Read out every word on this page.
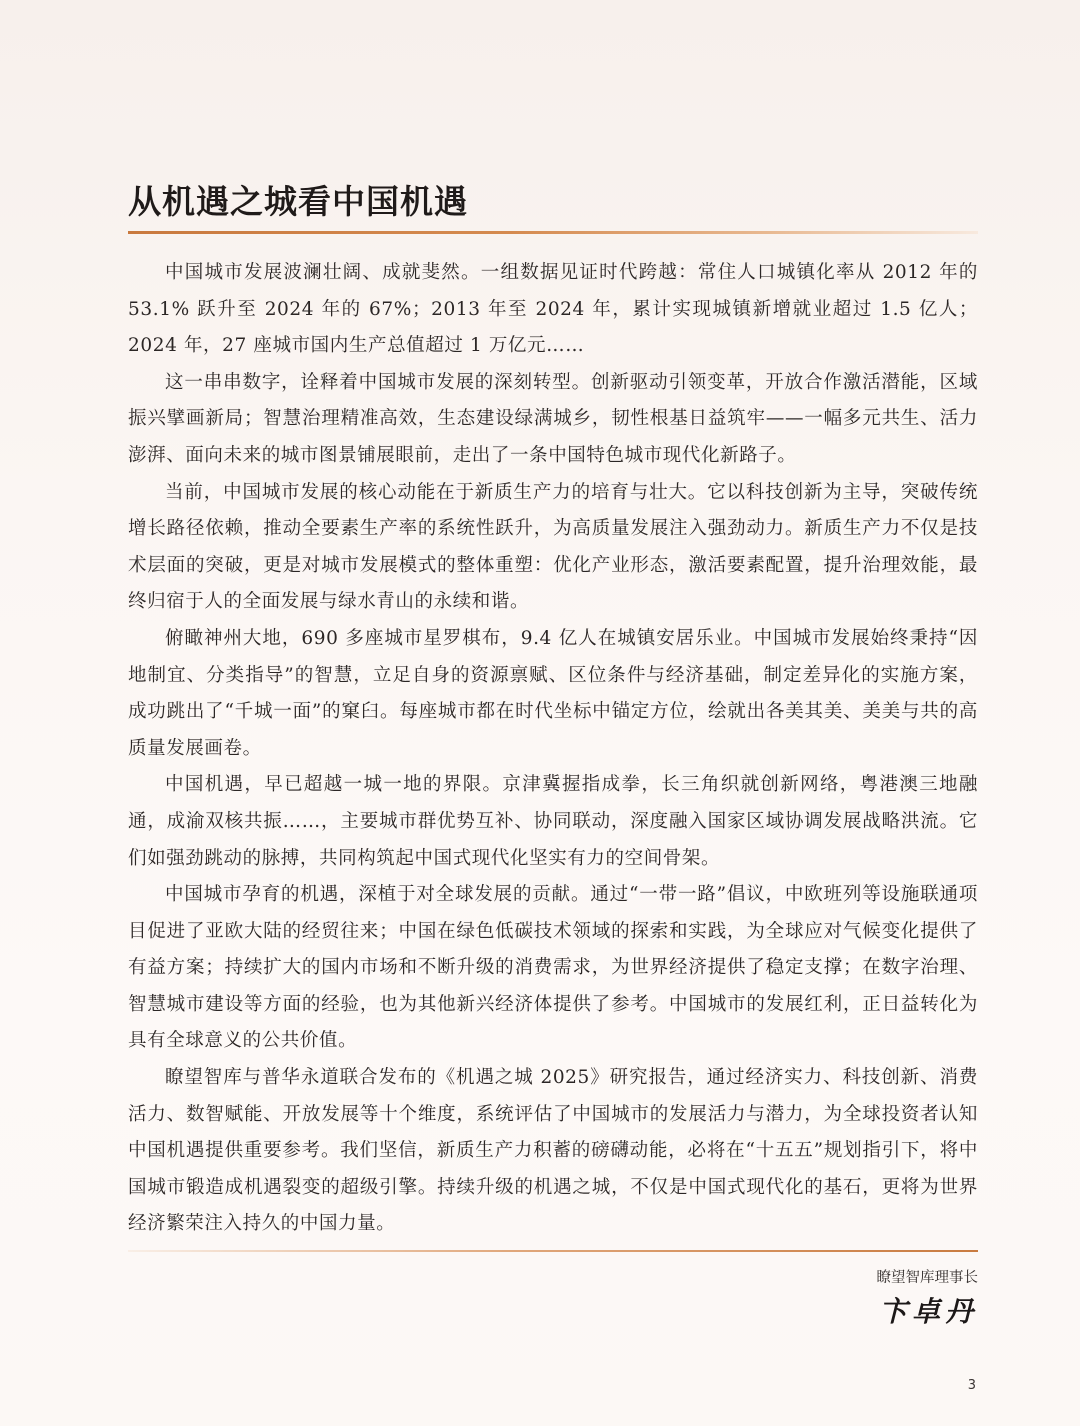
从机遇之城看中国机遇

中国城市发展波澜壮阔、成就斐然。一组数据见证时代跨越：常住人口城镇化率从 2012 年的 53.1% 跃升至 2024 年的 67%；2013 年至 2024 年，累计实现城镇新增就业超过 1.5 亿人；2024 年，27 座城市国内生产总值超过 1 万亿元……

这一串串数字，诠释着中国城市发展的深刻转型。创新驱动引领变革，开放合作激活潜能，区域振兴擘画新局；智慧治理精准高效，生态建设绿满城乡，韧性根基日益筑牢——一幅多元共生、活力澎湃、面向未来的城市图景铺展眼前，走出了一条中国特色城市现代化新路子。

当前，中国城市发展的核心动能在于新质生产力的培育与壮大。它以科技创新为主导，突破传统增长路径依赖，推动全要素生产率的系统性跃升，为高质量发展注入强劲动力。新质生产力不仅是技术层面的突破，更是对城市发展模式的整体重塑：优化产业形态，激活要素配置，提升治理效能，最终归宿于人的全面发展与绿水青山的永续和谐。

俯瞰神州大地，690 多座城市星罗棋布，9.4 亿人在城镇安居乐业。中国城市发展始终秉持“因地制宜、分类指导”的智慧，立足自身的资源禀赋、区位条件与经济基础，制定差异化的实施方案，成功跳出了“千城一面”的窠臼。每座城市都在时代坐标中锚定方位，绘就出各美其美、美美与共的高质量发展画卷。

中国机遇，早已超越一城一地的界限。京津冀握指成拳，长三角织就创新网络，粤港澳三地融通，成渝双核共振……，主要城市群优势互补、协同联动，深度融入国家区域协调发展战略洪流。它们如强劲跳动的脉搏，共同构筑起中国式现代化坚实有力的空间骨架。

中国城市孕育的机遇，深植于对全球发展的贡献。通过“一带一路”倡议，中欧班列等设施联通项目促进了亚欧大陆的经贸往来；中国在绿色低碳技术领域的探索和实践，为全球应对气候变化提供了有益方案；持续扩大的国内市场和不断升级的消费需求，为世界经济提供了稳定支撑；在数字治理、智慧城市建设等方面的经验，也为其他新兴经济体提供了参考。中国城市的发展红利，正日益转化为具有全球意义的公共价值。

瞭望智库与普华永道联合发布的《机遇之城 2025》研究报告，通过经济实力、科技创新、消费活力、数智赋能、开放发展等十个维度，系统评估了中国城市的发展活力与潜力，为全球投资者认知中国机遇提供重要参考。我们坚信，新质生产力积蓄的磅礴动能，必将在“十五五”规划指引下，将中国城市锻造成机遇裂变的超级引擎。持续升级的机遇之城，不仅是中国式现代化的基石，更将为世界经济繁荣注入持久的中国力量。

瞭望智库理事长
卞卓丹
3
